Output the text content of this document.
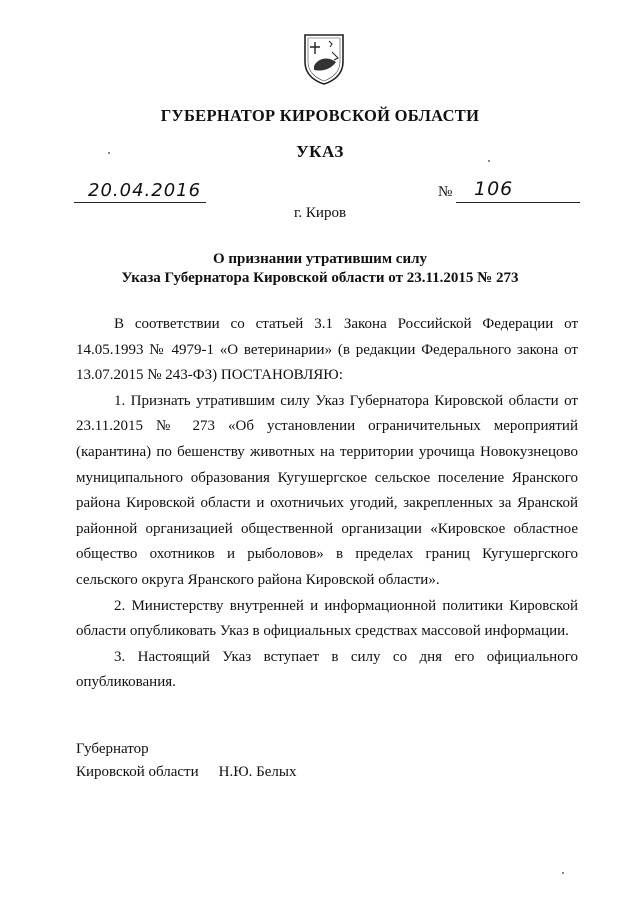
ГУБЕРНАТОР КИРОВСКОЙ ОБЛАСТИ
УКАЗ
20.04.2016	№ 106
г. Киров
О признании утратившим силу
Указа Губернатора Кировской области от 23.11.2015 № 273

В соответствии со статьей 3.1 Закона Российской Федерации от 14.05.1993 № 4979-1 «О ветеринарии» (в редакции Федерального закона от 13.07.2015 № 243-ФЗ) ПОСТАНОВЛЯЮ:

1. Признать утратившим силу Указ Губернатора Кировской области от 23.11.2015 № 273 «Об установлении ограничительных мероприятий (карантина) по бешенству животных на территории урочища Новокузнецово муниципального образования Кугушергское сельское поселение Яранского района Кировской области и охотничьих угодий, закрепленных за Яранской районной организацией общественной организации «Кировское областное общество охотников и рыболовов» в пределах границ Кугушергского сельского округа Яранского района Кировской области».

2. Министерству внутренней и информационной политики Кировской области опубликовать Указ в официальных средствах массовой информации.

3. Настоящий Указ вступает в силу со дня его официального опубликования.

Губернатор
Кировской области Н.Ю. Белых
